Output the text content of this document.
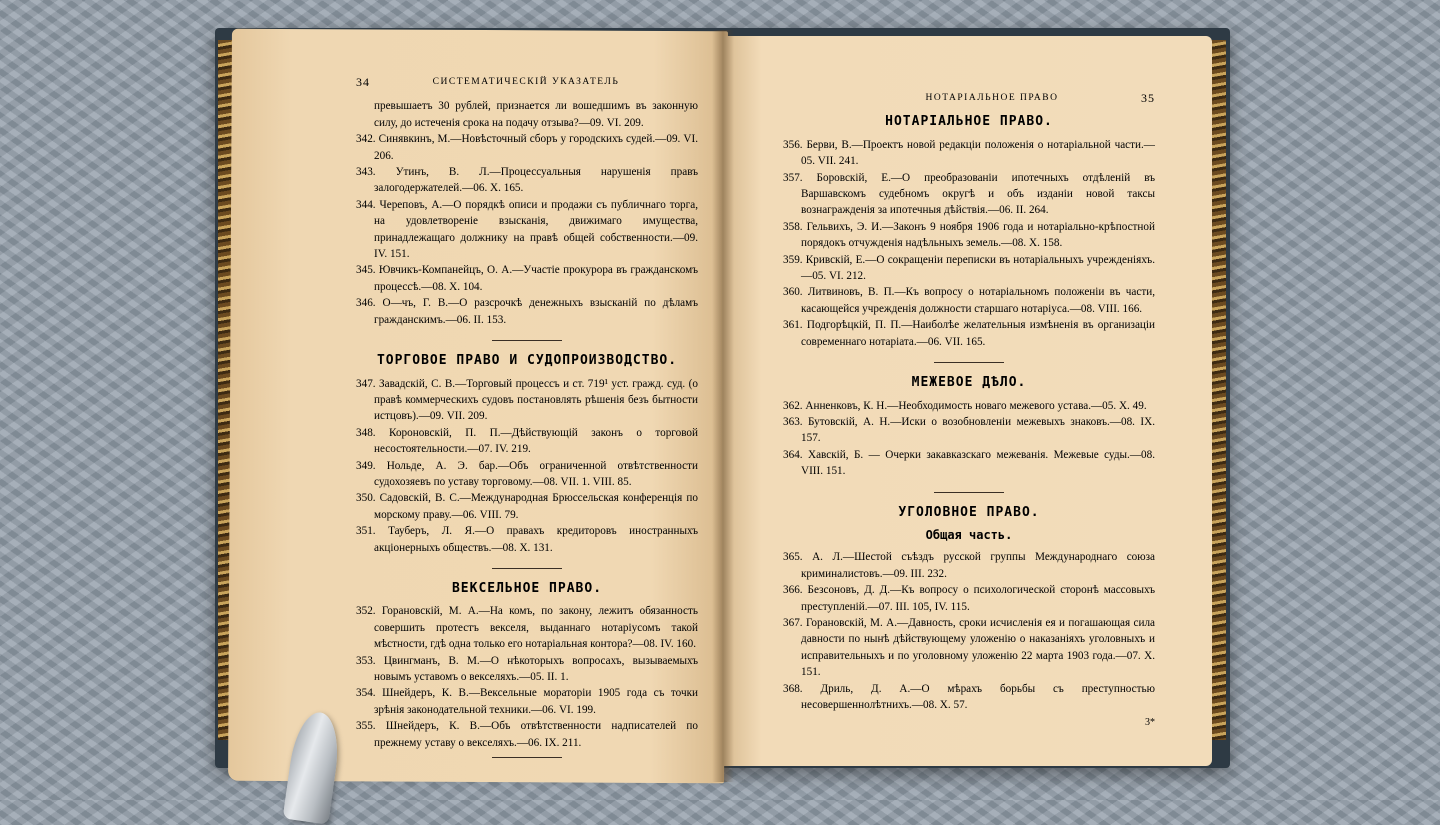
34	СИСТЕМАТИЧЕСКІЙ УКАЗАТЕЛЬ

превышаетъ 30 рублей, признается ли вошедшимъ въ законную силу, до истеченія срока на подачу отзыва?—09. VI. 209.

342. Синявкинъ, М.—Новѣсточный сборъ у городскихъ судей.—09. VI. 206.

343. Утинъ, В. Л.—Процессуальныя нарушенія правъ залогодержателей.—06. X. 165.

344. Череповъ, А.—О порядкѣ описи и продажи съ публичнаго торга, на удовлетвореніе взысканія, движимаго имущества, принадлежащаго должнику на правѣ общей собственности.—09. IV. 151.

345. Ювчикъ-Компанейцъ, О. А.—Участіе прокурора въ гражданскомъ процессѣ.—08. X. 104.

346. О—чъ, Г. В.—О разсрочкѣ денежныхъ взысканій по дѣламъ гражданскимъ.—06. II. 153.

ТОРГОВОЕ ПРАВО И СУДОПРОИЗВОДСТВО.

347. Завадскій, С. В.—Торговый процессъ и ст. 719¹ уст. гражд. суд. (о правѣ коммерческихъ судовъ постановлять рѣшенія безъ бытности истцовъ).—09. VII. 209.

348. Короновскій, П. П.—Дѣйствующій законъ о торговой несостоятельности.—07. IV. 219.

349. Нольде, А. Э. бар.—Объ ограниченной отвѣтственности судохозяевъ по уставу торговому.—08. VII. 1. VIII. 85.

350. Садовскій, В. С.—Международная Брюссельская конференція по морскому праву.—06. VIII. 79.

351. Тауберъ, Л. Я.—О правахъ кредиторовъ иностранныхъ акціонерныхъ обществъ.—08. X. 131.

ВЕКСЕЛЬНОЕ ПРАВО.

352. Горановскій, М. А.—На комъ, по закону, лежитъ обязанность совершить протестъ векселя, выданнаго нотаріусомъ такой мѣстности, гдѣ одна только его нотаріальная контора?—08. IV. 160.

353. Цвингманъ, В. М.—О нѣкоторыхъ вопросахъ, вызываемыхъ новымъ уставомъ о векселяхъ.—05. II. 1.

354. Шнейдеръ, К. В.—Вексельные мораторіи 1905 года съ точки зрѣнія законодательной техники.—06. VI. 199.

355. Шнейдеръ, К. В.—Объ отвѣтственности надписателей по прежнему уставу о векселяхъ.—06. IX. 211.

НОТАРІАЛЬНОЕ ПРАВО	35
НОТАРІАЛЬНОЕ ПРАВО.

356. Берви, В.—Проектъ новой редакціи положенія о нотаріальной части.—05. VII. 241.

357. Боровскій, Е.—О преобразованіи ипотечныхъ отдѣленій въ Варшавскомъ судебномъ округѣ и объ изданіи новой таксы вознагражденія за ипотечныя дѣйствія.—06. II. 264.

358. Гельвихъ, Э. И.—Законъ 9 ноября 1906 года и нотаріально-крѣпостной порядокъ отчужденія надѣльныхъ земель.—08. X. 158.

359. Кривскій, Е.—О сокращеніи переписки въ нотаріальныхъ учрежденіяхъ.—05. VI. 212.

360. Литвиновъ, В. П.—Къ вопросу о нотаріальномъ положеніи въ части, касающейся учрежденія должности старшаго нотаріуса.—08. VIII. 166.

361. Подгорѣцкій, П. П.—Наиболѣе желательныя измѣненія въ организаціи современнаго нотаріата.—06. VII. 165.

МЕЖЕВОЕ ДѢЛО.

362. Анненковъ, К. Н.—Необходимость новаго межевого устава.—05. X. 49.

363. Бутовскій, А. Н.—Иски о возобновленіи межевыхъ знаковъ.—08. IX. 157.

364. Хавскій, Б. — Очерки закавказскаго межеванія. Межевые суды.—08. VIII. 151.

УГОЛОВНОЕ ПРАВО.
Общая часть.

365. А. Л.—Шестой съѣздъ русской группы Международнаго союза криминалистовъ.—09. III. 232.

366. Безсоновъ, Д. Д.—Къ вопросу о психологической сторонѣ массовыхъ преступленій.—07. III. 105, IV. 115.

367. Горановскій, М. А.—Давность, сроки исчисленія ея и погашающая сила давности по нынѣ дѣйствующему уложенію о наказаніяхъ уголовныхъ и исправительныхъ и по уголовному уложенію 22 марта 1903 года.—07. X. 151.

368. Дриль, Д. А.—О мѣрахъ борьбы съ преступностью несовершеннолѣтнихъ.—08. X. 57.

3*
